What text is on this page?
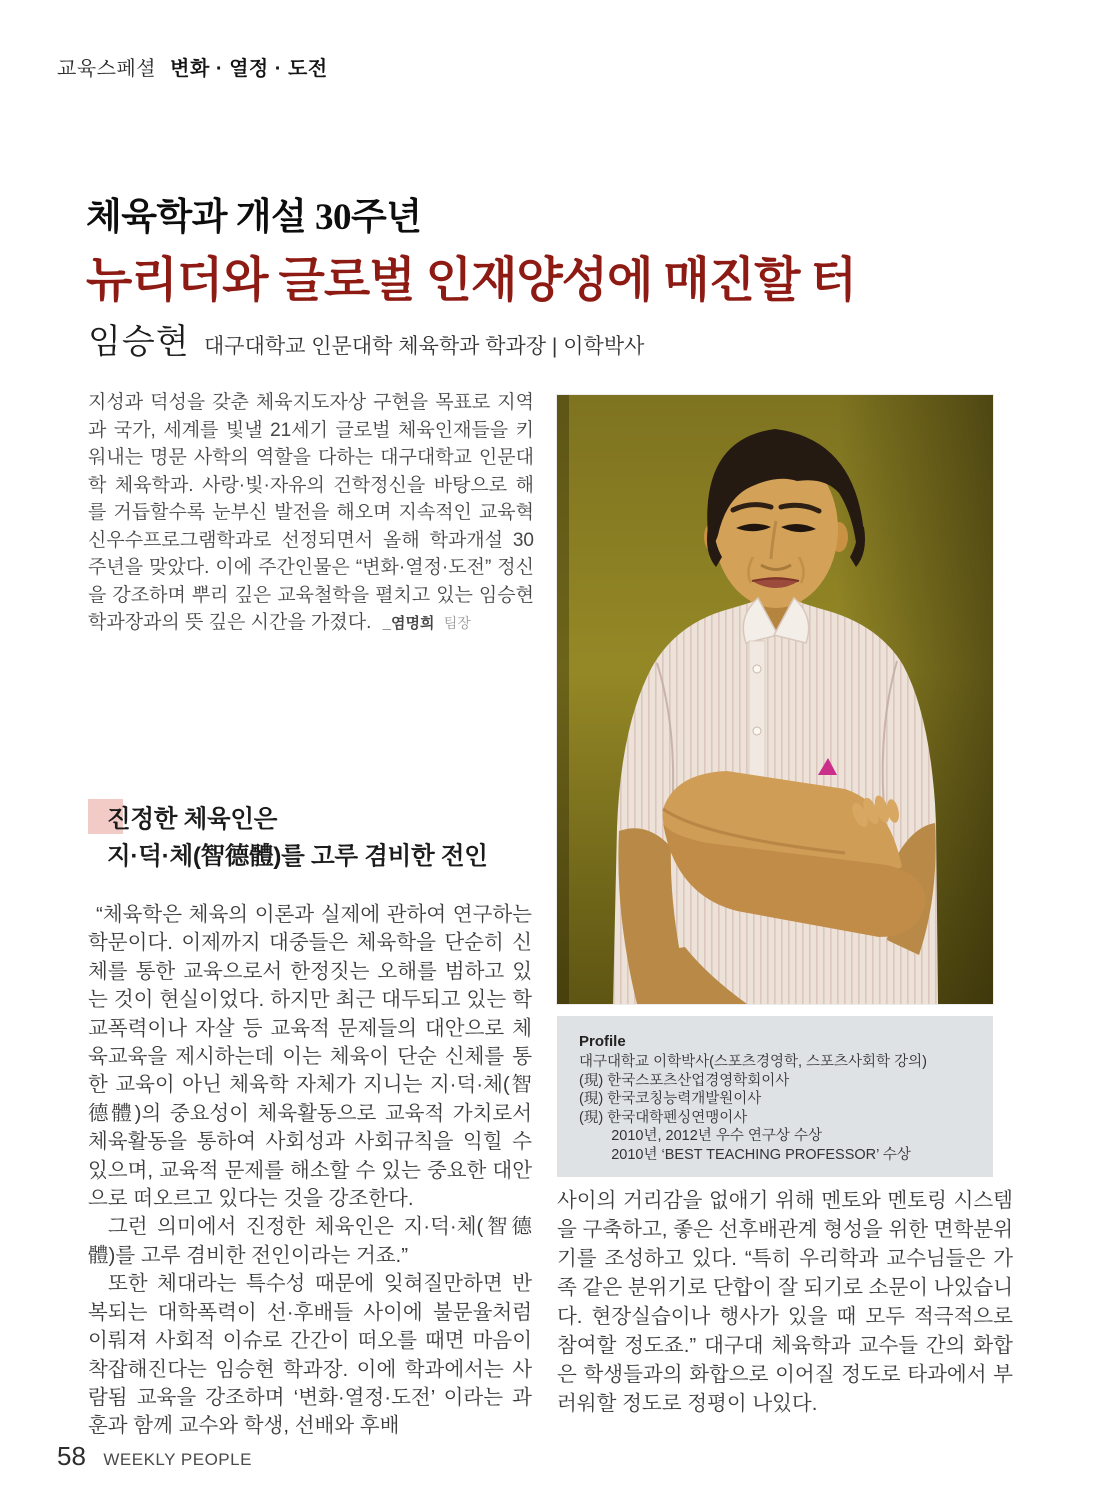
교육스페셜 변화 · 열정 · 도전
체육학과 개설 30주년
뉴리더와 글로벌 인재양성에 매진할 터
임승현 대구대학교 인문대학 체육학과 학과장 | 이학박사
지성과 덕성을 갖춘 체육지도자상 구현을 목표로 지역과 국가, 세계를 빛낼 21세기 글로벌 체육인재들을 키워내는 명문 사학의 역할을 다하는 대구대학교 인문대학 체육학과. 사랑·빛·자유의 건학정신을 바탕으로 해를 거듭할수록 눈부신 발전을 해오며 지속적인 교육혁신우수프로그램학과로 선정되면서 올해 학과개설 30주년을 맞았다. 이에 주간인물은 “변화·열정·도전” 정신을 강조하며 뿌리 깊은 교육철학을 펼치고 있는 임승현 학과장과의 뜻 깊은 시간을 가졌다. _염명희 팀장
진정한 체육인은
지·덕·체(智德體)를 고루 겸비한 전인

“체육학은 체육의 이론과 실제에 관하여 연구하는 학문이다. 이제까지 대중들은 체육학을 단순히 신체를 통한 교육으로서 한정짓는 오해를 범하고 있는 것이 현실이었다. 하지만 최근 대두되고 있는 학교폭력이나 자살 등 교육적 문제들의 대안으로 체육교육을 제시하는데 이는 체육이 단순 신체를 통한 교육이 아닌 체육학 자체가 지니는 지·덕·체(智德體)의 중요성이 체육활동으로 교육적 가치로서 체육활동을 통하여 사회성과 사회규칙을 익힐 수 있으며, 교육적 문제를 해소할 수 있는 중요한 대안으로 떠오르고 있다는 것을 강조한다.

그런 의미에서 진정한 체육인은 지·덕·체(智德體)를 고루 겸비한 전인이라는 거죠.”

또한 체대라는 특수성 때문에 잊혀질만하면 반복되는 대학폭력이 선·후배들 사이에 불문율처럼 이뤄져 사회적 이슈로 간간이 떠오를 때면 마음이 착잡해진다는 임승현 학과장. 이에 학과에서는 사람됨 교육을 강조하며 ‘변화·열정·도전’ 이라는 과 훈과 함께 교수와 학생, 선배와 후배

Profile
대구대학교 이학박사(스포츠경영학, 스포츠사회학 강의)
(現) 한국스포츠산업경영학회이사
(現) 한국코칭능력개발원이사
(現) 한국대학펜싱연맹이사
2010년, 2012년 우수 연구상 수상
2010년 ‘BEST TEACHING PROFESSOR’ 수상

사이의 거리감을 없애기 위해 멘토와 멘토링 시스템을 구축하고, 좋은 선후배관계 형성을 위한 면학분위기를 조성하고 있다. “특히 우리학과 교수님들은 가족 같은 분위기로 단합이 잘 되기로 소문이 나있습니다. 현장실습이나 행사가 있을 때 모두 적극적으로 참여할 정도죠.” 대구대 체육학과 교수들 간의 화합은 학생들과의 화합으로 이어질 정도로 타과에서 부러워할 정도로 정평이 나있다.

58 WEEKLY PEOPLE
